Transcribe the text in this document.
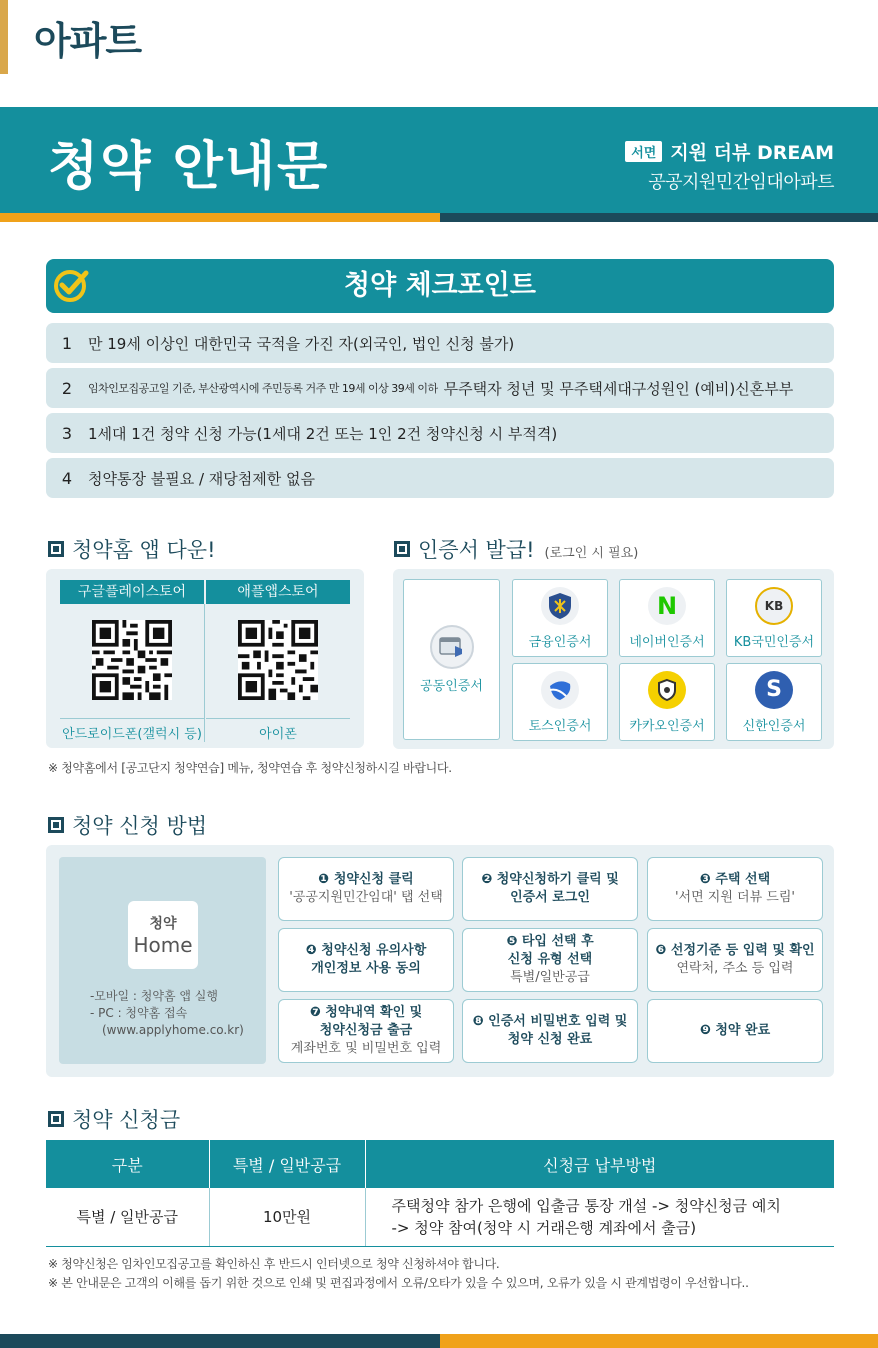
아파트
청약 안내문	서면 지원 더뷰 DREAM
공공지원민간임대아파트
청약 체크포인트
1	만 19세 이상인 대한민국 국적을 가진 자(외국인, 법인 신청 불가)
2	임차인모집공고일 기준, 부산광역시에 주민등록 거주 만 19세 이상 39세 이하 무주택자 청년 및 무주택세대구성원인 (예비)신혼부부
3	1세대 1건 청약 신청 가능(1세대 2건 또는 1인 2건 청약신청 시 부적격)
4	청약통장 불필요 / 재당첨제한 없음
청약홈 앱 다운!
구글플레이스토어
안드로이드폰(갤럭시 등)
애플앱스토어
아이폰
※ 청약홈에서 [공고단지 청약연습] 메뉴, 청약연습 후 청약신청하시길 바랍니다.
인증서 발급! (로그인 시 필요)
공동인증서
금융인증서
N
네이버인증서
KB
KB국민인증서
토스인증서	카카오인증서
S
신한인증서
청약 신청 방법
청약
Home
-모바일 : 청약홈 앱 실행
- PC : 청약홈 접속
(www.applyhome.co.kr)
❶ 청약신청 클릭
'공공지원민간임대' 탭 선택
❷ 청약신청하기 클릭 및
인증서 로그인
❸ 주택 선택
'서면 지원 더뷰 드림'
❹ 청약신청 유의사항
개인정보 사용 동의
❺ 타입 선택 후
신청 유형 선택
특별/일반공급
❻ 선정기준 등 입력 및 확인
연락처, 주소 등 입력
❼ 청약내역 확인 및
청약신청금 출금
계좌번호 및 비밀번호 입력
❽ 인증서 비밀번호 입력 및
청약 신청 완료
❾ 청약 완료
청약 신청금
구분	특별 / 일반공급	신청금 납부방법
특별 / 일반공급	10만원	주택청약 참가 은행에 입출금 통장 개설 -> 청약신청금 예치
-> 청약 참여(청약 시 거래은행 계좌에서 출금)
※ 청약신청은 임차인모집공고를 확인하신 후 반드시 인터넷으로 청약 신청하셔야 합니다.
※ 본 안내문은 고객의 이해를 돕기 위한 것으로 인쇄 및 편집과정에서 오류/오타가 있을 수 있으며, 오류가 있을 시 관계법령이 우선합니다..
